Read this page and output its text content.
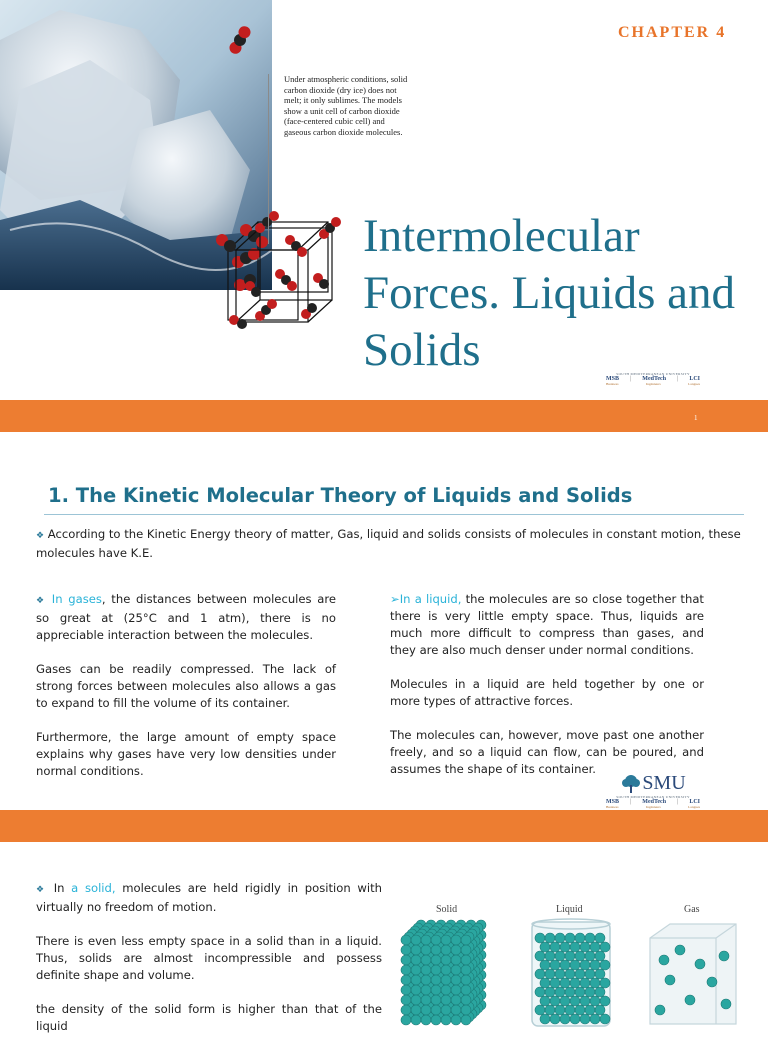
Under atmospheric conditions, solid carbon dioxide (dry ice) does not melt; it only sublimes. The models show a unit cell of carbon dioxide (face-centered cubic cell) and gaseous carbon dioxide molecules.
CHAPTER 4
Intermolecular Forces. Liquids and Solids	SOUTH MEDITERRANEAN UNIVERSITY
MSB | MedTech | LCI
Business	Ingénieurs	Langues
1
1. The Kinetic Molecular Theory of Liquids and Solids
❖ According to the Kinetic Energy theory of matter, Gas, liquid and solids consists of molecules in constant motion, these molecules have K.E.

❖ In gases, the distances between molecules are so great at (25°C and 1 atm), there is no appreciable interaction between the molecules.

Gases can be readily compressed. The lack of strong forces between molecules also allows a gas to expand to fill the volume of its container.

Furthermore, the large amount of empty space explains why gases have very low densities under normal conditions.

➢In a liquid, the molecules are so close together that there is very little empty space. Thus, liquids are much more difficult to compress than gases, and they are also much denser under normal conditions.

Molecules in a liquid are held together by one or more types of attractive forces.

The molecules can, however, move past one another freely, and so a liquid can flow, can be poured, and assumes the shape of its container.

SMU
SOUTH MEDITERRANEAN UNIVERSITY
MSB | MedTech | LCI
Business	Ingénieurs	Langues
2

❖ In a solid, molecules are held rigidly in position with virtually no freedom of motion.

There is even less empty space in a solid than in a liquid. Thus, solids are almost incompressible and possess definite shape and volume.

the density of the solid form is higher than that of the liquid

Solid	Liquid	Gas
